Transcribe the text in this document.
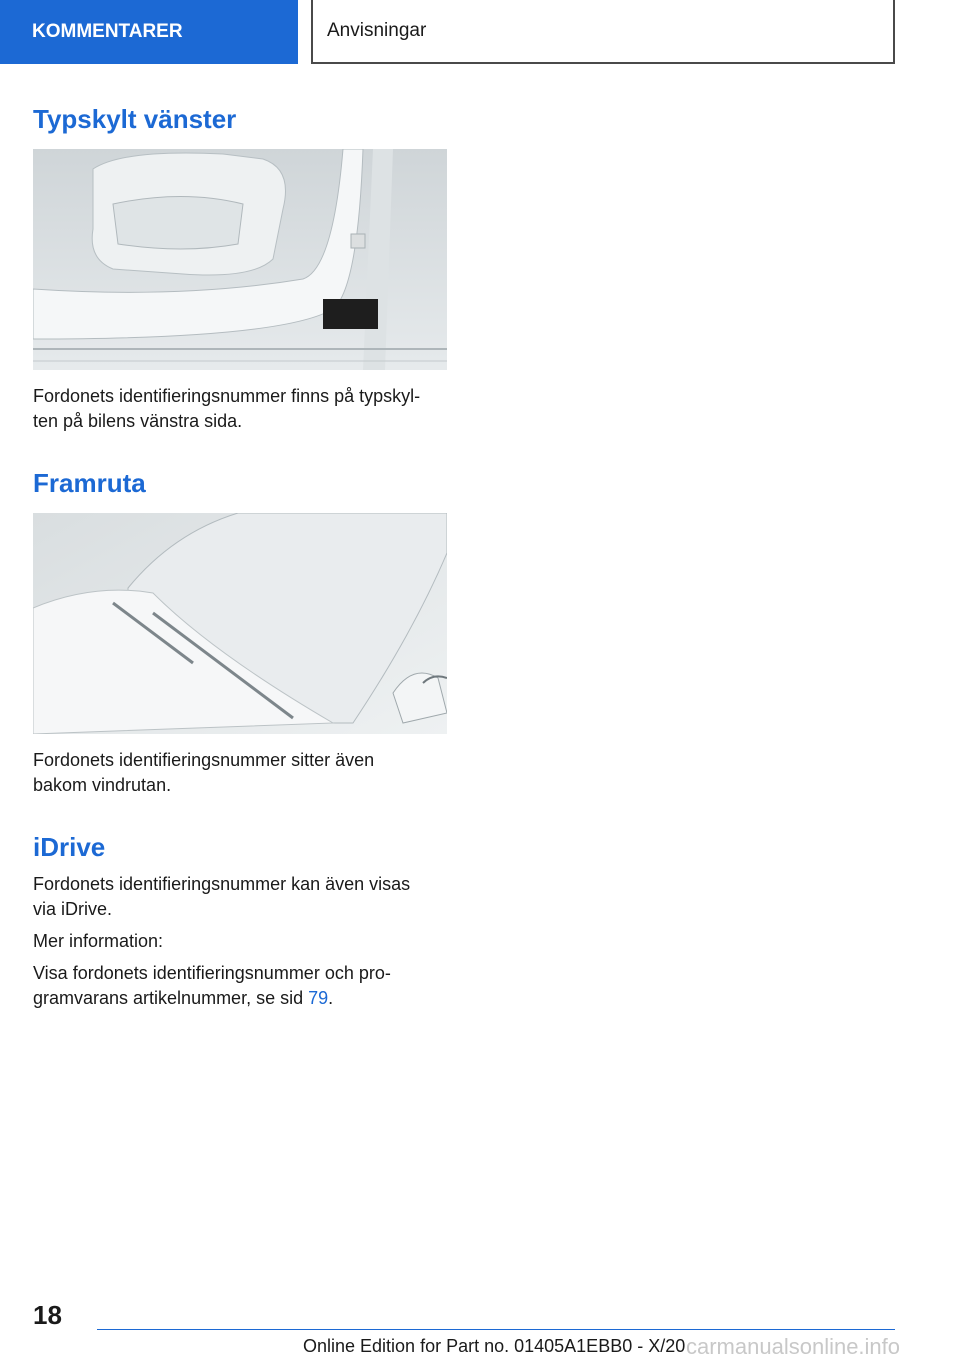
KOMMENTARER	Anvisningar
Typskylt vänster

Fordonets identifieringsnummer finns på typskyl-
ten på bilens vänstra sida.

Framruta

Fordonets identifieringsnummer sitter även
bakom vindrutan.

iDrive

Fordonets identifieringsnummer kan även visas
via iDrive.

Mer information:

Visa fordonets identifieringsnummer och pro-
gramvarans artikelnummer, se sid 79.

18
Online Edition for Part no. 01405A1EBB0 - X/20 carmanualsonline.info
